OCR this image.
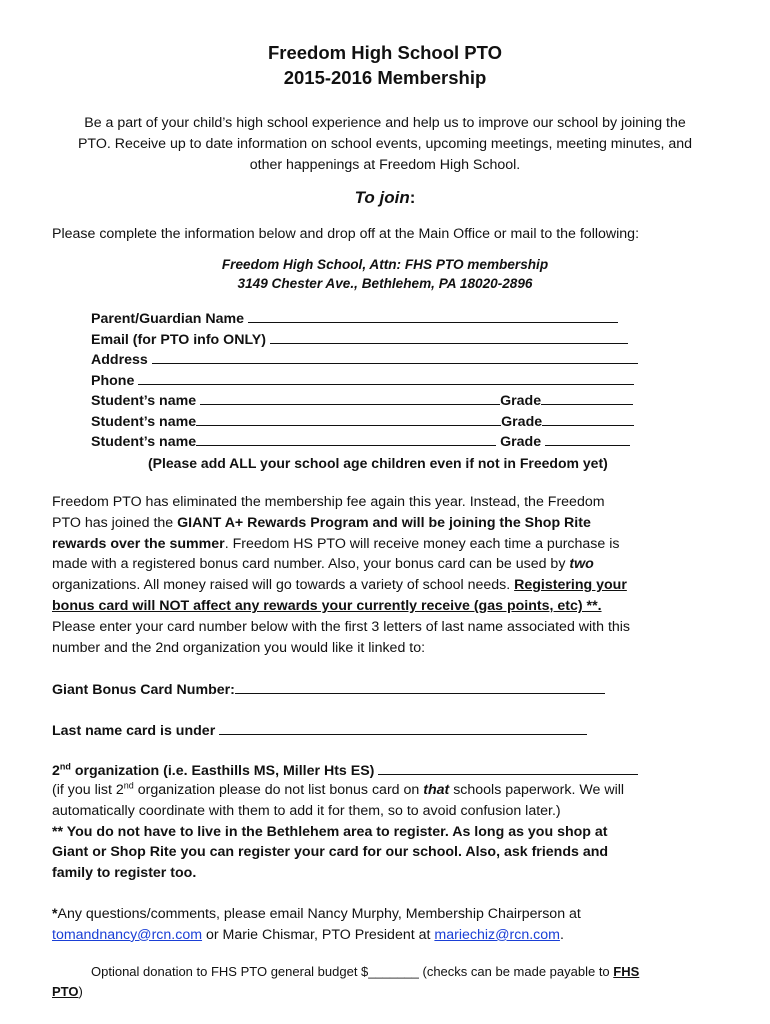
Freedom High School PTO
2015-2016 Membership
Be a part of your child’s high school experience and help us to improve our school by joining the
PTO. Receive up to date information on school events, upcoming meetings, meeting minutes, and
other happenings at Freedom High School.
To join:
Please complete the information below and drop off at the Main Office or mail to the following:
Freedom High School, Attn: FHS PTO membership
3149 Chester Ave., Bethlehem, PA 18020-2896
Parent/Guardian Name
Email (for PTO info ONLY)
Address
Phone
Student’s name	Grade
Student’s name	Grade
Student’s name	Grade
(Please add ALL your school age children even if not in Freedom yet)
Freedom PTO has eliminated the membership fee again this year. Instead, the Freedom
PTO has joined the GIANT A+ Rewards Program and will be joining the Shop Rite
rewards over the summer. Freedom HS PTO will receive money each time a purchase is
made with a registered bonus card number. Also, your bonus card can be used by two
organizations. All money raised will go towards a variety of school needs. Registering your
bonus card will NOT affect any rewards your currently receive (gas points, etc) **.
Please enter your card number below with the first 3 letters of last name associated with this
number and the 2nd organization you would like it linked to:
Giant Bonus Card Number:
Last name card is under
2nd organization (i.e. Easthills MS, Miller Hts ES)
(if you list 2nd organization please do not list bonus card on that schools paperwork. We will
automatically coordinate with them to add it for them, so to avoid confusion later.)
** You do not have to live in the Bethlehem area to register. As long as you shop at
Giant or Shop Rite you can register your card for our school. Also, ask friends and
family to register too.
*Any questions/comments, please email Nancy Murphy, Membership Chairperson at
tomandnancy@rcn.com or Marie Chismar, PTO President at mariechiz@rcn.com.
Optional donation to FHS PTO general budget $_______ (checks can be made payable to FHS
PTO)
